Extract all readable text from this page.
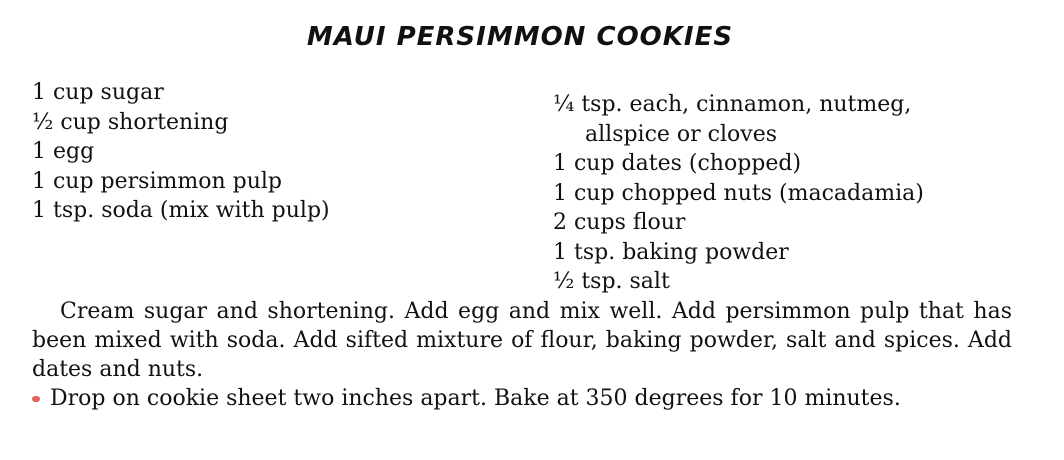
MAUI PERSIMMON COOKIES
1 cup sugar
½ cup shortening
1 egg
1 cup persimmon pulp
1 tsp. soda (mix with pulp)
¼ tsp. each, cinnamon, nutmeg,
allspice or cloves
1 cup dates (chopped)
1 cup chopped nuts (macadamia)
2 cups flour
1 tsp. baking powder
½ tsp. salt

Cream sugar and shortening. Add egg and mix well. Add persimmon pulp that has been mixed with soda. Add sifted mixture of flour, baking powder, salt and spices. Add dates and nuts.

Drop on cookie sheet two inches apart. Bake at 350 degrees for 10 minutes.
